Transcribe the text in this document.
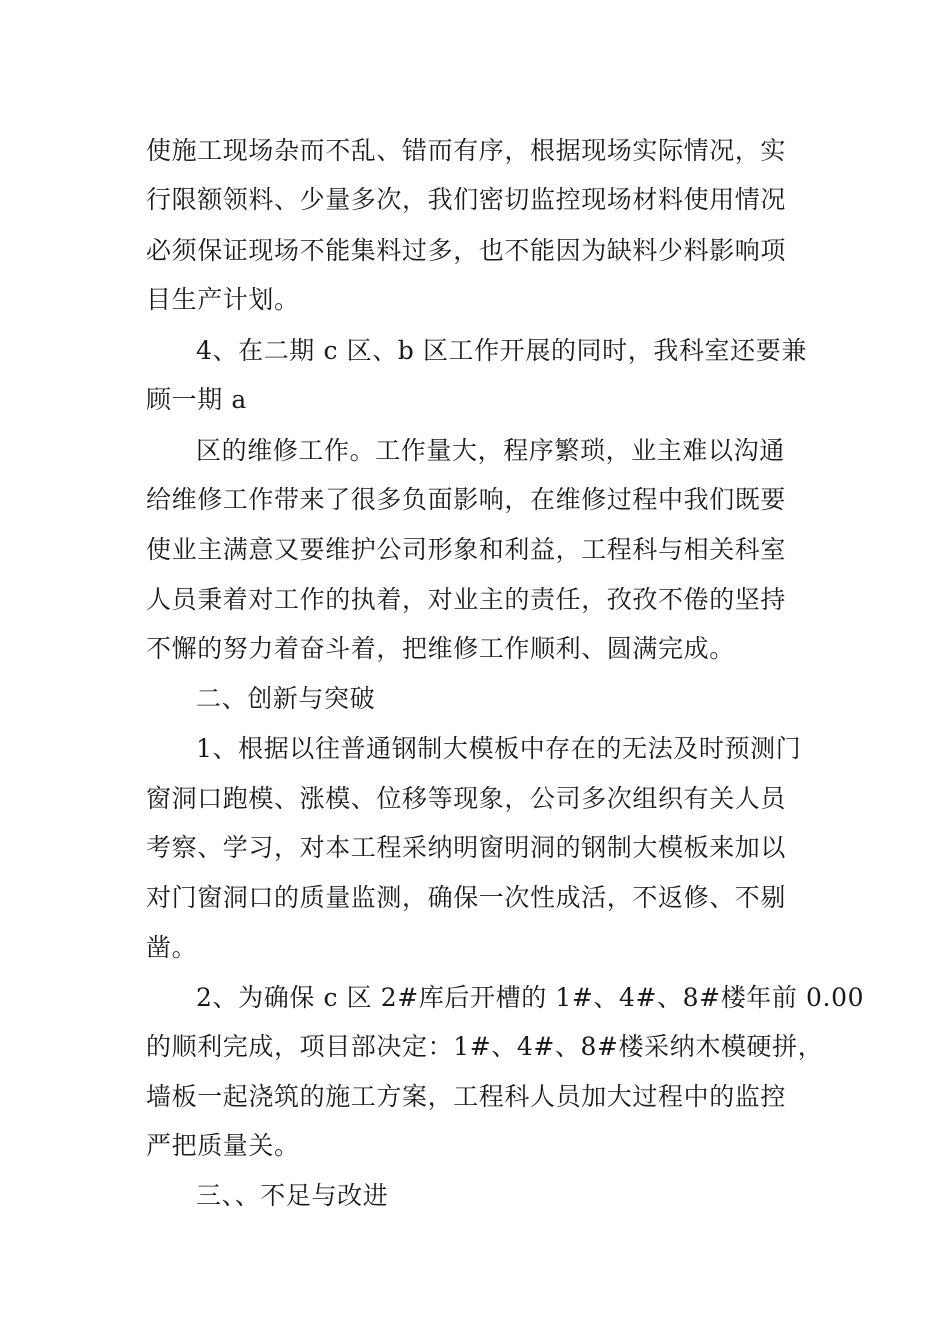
使施工现场杂而不乱、错而有序，根据现场实际情况，实
行限额领料、少量多次，我们密切监控现场材料使用情况
必须保证现场不能集料过多，也不能因为缺料少料影响项
目生产计划。
4、在二期 c 区、b 区工作开展的同时，我科室还要兼
顾一期 a
区的维修工作。工作量大，程序繁琐，业主难以沟通
给维修工作带来了很多负面影响，在维修过程中我们既要
使业主满意又要维护公司形象和利益，工程科与相关科室
人员秉着对工作的执着，对业主的责任，孜孜不倦的坚持
不懈的努力着奋斗着，把维修工作顺利、圆满完成。
二、创新与突破
1、根据以往普通钢制大模板中存在的无法及时预测门
窗洞口跑模、涨模、位移等现象，公司多次组织有关人员
考察、学习，对本工程采纳明窗明洞的钢制大模板来加以
对门窗洞口的质量监测，确保一次性成活，不返修、不剔
凿。
2、为确保 c 区 2#库后开槽的 1#、4#、8#楼年前 0.00
的顺利完成，项目部决定：1#、4#、8#楼采纳木模硬拼，
墙板一起浇筑的施工方案，工程科人员加大过程中的监控
严把质量关。
三、、不足与改进
